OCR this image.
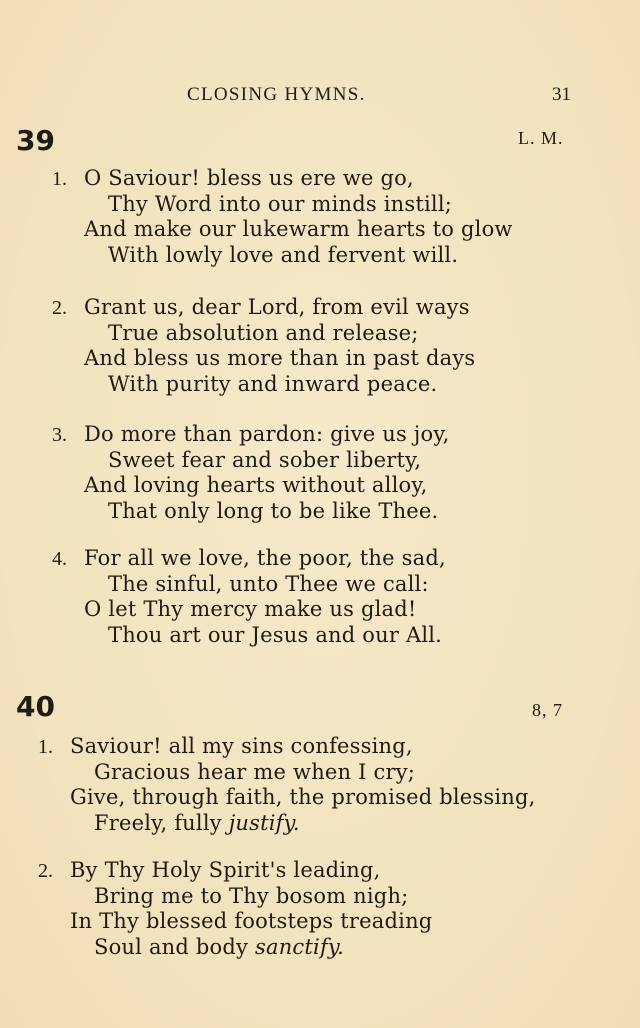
CLOSING HYMNS.	31
39	L. M.
1. O Saviour! bless us ere we go,
Thy Word into our minds instill;
And make our lukewarm hearts to glow
With lowly love and fervent will.
2. Grant us, dear Lord, from evil ways
True absolution and release;
And bless us more than in past days
With purity and inward peace.
3. Do more than pardon: give us joy,
Sweet fear and sober liberty,
And loving hearts without alloy,
That only long to be like Thee.
4. For all we love, the poor, the sad,
The sinful, unto Thee we call:
O let Thy mercy make us glad!
Thou art our Jesus and our All.
40	8, 7
1. Saviour! all my sins confessing,
Gracious hear me when I cry;
Give, through faith, the promised blessing,
Freely, fully justify.
2. By Thy Holy Spirit's leading,
Bring me to Thy bosom nigh;
In Thy blessed footsteps treading
Soul and body sanctify.
